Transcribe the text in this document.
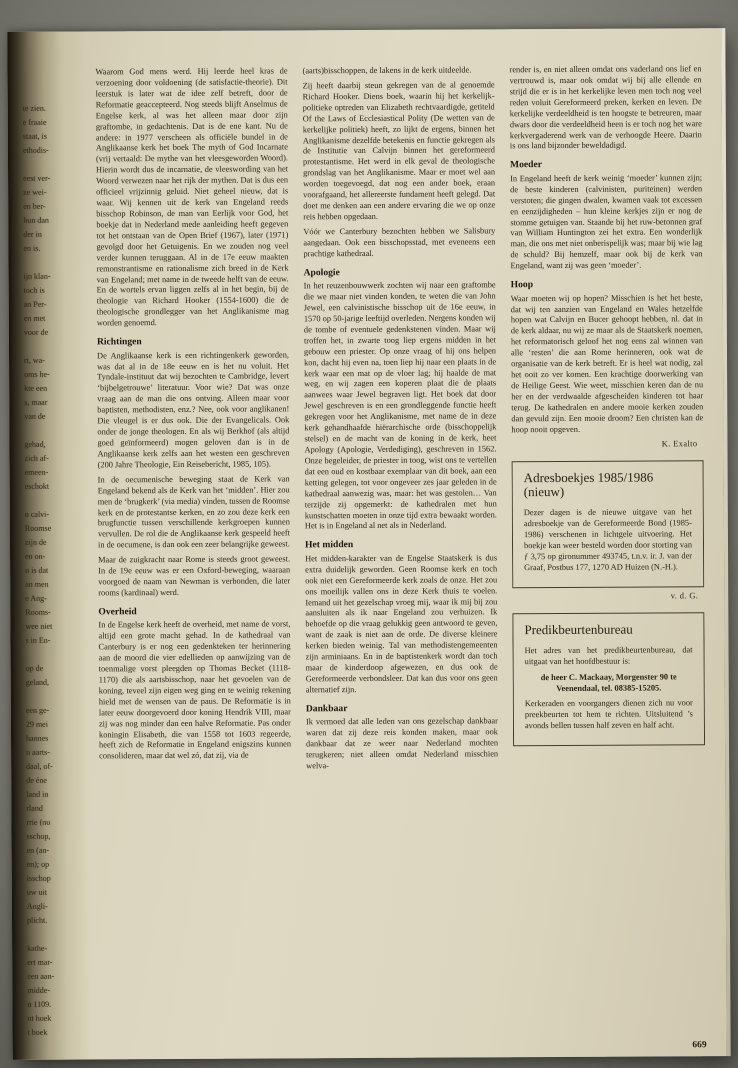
te zien.
e fraaie
staat, is
ethodis-
eest ver-
ze wei-
en ber-
hun dan
der in
en is.
ijn klan-
toch is
an Per-
en met
voor de
rt, wa-
oms he-
kte een
s, maar
van de
gehad,
zich af-
emeen-
eschokt
n calvi-
Roomse
zijn de
en on-
n is dat
an men
e Ang-
Rooms-
wee niet
s in En-
op de
geland,
een ge-
29 mei
hannes
n aarts-
daal, of-
de éne
land in
rland
rrie (nu
sschop,
en (an-
en); op
isschop
uw uit
Angli-
plicht.
kathe-
ert mar-
een aan-
midde-
n 1109.
nt hoek
t boek

Waarom God mens werd. Hij leerde heel kras de verzoening door voldoening (de satisfactie-theorie). Dit leerstuk is later wat de idee zelf betreft, door de Reformatie geaccepteerd. Nog steeds blijft Anselmus de Engelse kerk, al was het alleen maar door zijn graftombe, in gedachtenis. Dat is de ene kant. Nu de andere: in 1977 verscheen als officiële bundel in de Anglikaanse kerk het boek The myth of God Incarnate (vrij vertaald: De mythe van het vleesgeworden Woord). Hierin wordt dus de incarnatie, de vleeswording van het Woord verwezen naar het rijk der mythen. Dat is dus een officieel vrijzinnig geluid. Niet geheel nieuw, dat is waar. Wij kennen uit de kerk van Engeland reeds bisschop Robinson, de man van Eerlijk voor God, het boekje dat in Nederland mede aanleiding heeft gegeven tot het ontstaan van de Open Brief (1967), later (1971) gevolgd door het Getuigenis. En we zouden nog veel verder kunnen teruggaan. Al in de 17e eeuw maakten remonstrantisme en rationalisme zich breed in de Kerk van Engeland; met name in de tweede helft van de eeuw. En de wortels ervan liggen zelfs al in het begin, bij de theologie van Richard Hooker (1554-1600) die de theologische grondlegger van het Anglikanisme mag worden genoemd.

Richtingen

De Anglikaanse kerk is een richtingenkerk geworden, was dat al in de 18e eeuw en is het nu voluit. Het Tyndale-instituut dat wij bezochten te Cambridge, levert ‘bijbelgetrouwe’ literatuur. Voor wie? Dat was onze vraag aan de man die ons ontving. Alleen maar voor baptisten, methodisten, enz.? Nee, ook voor anglikanen! Die vleugel is er dus ook. Die der Evangelicals. Ook onder de jonge theologen. En als wij Berkhof (als altijd goed geïnformeerd) mogen geloven dan is in de Anglikaanse kerk zelfs aan het westen een geschreven (200 Jahre Theologie, Ein Reisebericht, 1985, 105).

In de oecumenische beweging staat de Kerk van Engeland bekend als de Kerk van het ‘midden’. Hier zou men de ‘brugkerk’ (via media) vinden, tussen de Roomse kerk en de protestantse kerken, en zo zou deze kerk een brugfunctie tussen verschillende kerkgroepen kunnen vervullen. De rol die de Anglikaanse kerk gespeeld heeft in de oecumene, is dan ook een zeer belangrijke geweest.

Maar de zuigkracht naar Rome is steeds groot geweest. In de 19e eeuw was er een Oxford-beweging, waaraan voorgoed de naam van Newman is verbonden, die later rooms (kardinaal) werd.

Overheid

In de Engelse kerk heeft de overheid, met name de vorst, altijd een grote macht gehad. In de kathedraal van Canterbury is er nog een gedenkteken ter herinnering aan de moord die vier edellieden op aanwijzing van de toenmalige vorst pleegden op Thomas Becket (1118-1170) die als aartsbisschop, naar het gevoelen van de koning, teveel zijn eigen weg ging en te weinig rekening hield met de wensen van de paus. De Reformatie is in later eeuw doorgevoerd door koning Hendrik VIII, maar zij was nog minder dan een halve Reformatie. Pas onder koningin Elisabeth, die van 1558 tot 1603 regeerde, heeft zich de Reformatie in Engeland enigszins kunnen consolideren, maar dat wel zó, dat zij, via de

(aarts)bisschoppen, de lakens in de kerk uitdeelde.

Zij heeft daarbij steun gekregen van de al genoemde Richard Hooker. Diens boek, waarin hij het kerkelijk-politieke optreden van Elizabeth rechtvaardigde, getiteld Of the Laws of Ecclesiastical Polity (De wetten van de kerkelijke politiek) heeft, zo lijkt de ergens, binnen het Anglikanisme dezelfde betekenis en functie gekregen als de Institutie van Calvijn binnen het gereformeerd protestantisme. Het werd in elk geval de theologische grondslag van het Anglikanisme. Maar er moet wel aan worden toegevoegd, dat nog een ander boek, eraan voorafgaand, het allereerste fundament heeft gelegd. Dat doet me denken aan een andere ervaring die we op onze reis hebben opgedaan.

Vóór we Canterbury bezochten hebben we Salisbury aangedaan. Ook een bisschopsstad, met eveneens een prachtige kathedraal.

Apologie

In het reuzenbouwwerk zochten wij naar een graftombe die we maar niet vinden konden, te weten die van John Jewel, een calvinistische bisschop uit de 16e eeuw, in 1570 op 50-jarige leeftijd overleden. Nergens konden wij de tombe of eventuele gedenkstenen vinden. Maar wij troffen het, in zwarte toog liep ergens midden in het gebouw een priester. Op onze vraag of hij ons helpen kon, dacht hij even na, toen liep hij naar een plaats in de kerk waar een mat op de vloer lag; hij haalde de mat weg, en wij zagen een koperen plaat die de plaats aanwees waar Jewel begraven ligt. Het boek dat door Jewel geschreven is en een grondleggende functie heeft gekregen voor het Anglikanisme, met name de in deze kerk gehandhaafde hiërarchische orde (bisschoppelijk stelsel) en de macht van de koning in de kerk, heet Apology (Apologie, Verdediging), geschreven in 1562. Onze begeleider, de priester in toog, wist ons te vertellen dat een oud en kostbaar exemplaar van dit boek, aan een ketting gelegen, tot voor ongeveer zes jaar geleden in de kathedraal aanwezig was, maar: het was gestolen… Van terzijde zij opgemerkt: de kathedralen met hun kunstschatten moeten in onze tijd extra bewaakt worden. Het is in Engeland al net als in Nederland.

Het midden

Het midden-karakter van de Engelse Staatskerk is dus extra duidelijk geworden. Geen Roomse kerk en toch ook niet een Gereformeerde kerk zoals de onze. Het zou ons moeilijk vallen ons in deze Kerk thuis te voelen. Iemand uit het gezelschap vroeg mij, waar ik mij bij zou aansluiten als ik naar Engeland zou verhuizen. Ik behoefde op die vraag gelukkig geen antwoord te geven, want de zaak is niet aan de orde. De diverse kleinere kerken bieden weinig. Tal van methodistengemeenten zijn arminiaans. En in de baptistenkerk wordt dan toch maar de kinderdoop afgewezen, en dus ook de Gereformeerde verbondsleer. Dat kan dus voor ons geen alternatief zijn.

Dankbaar

Ik vermoed dat alle leden van ons gezelschap dankbaar waren dat zij deze reis konden maken, maar ook dankbaar dat ze weer naar Nederland mochten terugkeren; niet alleen omdat Nederland misschien welva-

render is, en niet alleen omdat ons vaderland ons lief en vertrouwd is, maar ook omdat wij bij alle ellende en strijd die er is in het kerkelijke leven men toch nog veel reden voluit Gereformeerd preken, kerken en leven. De kerkelijke verdeeldheid is ten hoogste te betreuren, maar dwars door die verdeeldheid heen is er toch nog het ware kerkvergaderend werk van de verhoogde Heere. Daarin is ons land bijzonder beweldadigd.

Moeder

In Engeland heeft de kerk weinig ‘moeder’ kunnen zijn; de beste kinderen (calvinisten, puriteinen) werden verstoten; die gingen dwalen, kwamen vaak tot excessen en eenzijdigheden – hun kleine kerkjes zijn er nog de stomme getuigen van. Staande bij het ruw-betonnen graf van William Huntington zei het extra. Een wonderlijk man, die ons met niet onberispelijk was; maar bij wie lag de schuld? Bij hemzelf, maar ook bij de kerk van Engeland, want zij was geen ‘moeder’.

Hoop

Waar moeten wij op hopen? Misschien is het het beste, dat wij ten aanzien van Engeland en Wales hetzelfde hopen wat Calvijn en Bucer gehoopt hebben, nl. dat in de kerk aldaar, nu wij ze maar als de Staatskerk noemen, het reformatorisch geloof het nog eens zal winnen van alle ‘resten’ die aan Rome herinneren, ook wat de organisatie van de kerk betreft. Er is heel wat nodig, zal het ooit zo ver komen. Een krachtige doorwerking van de Heilige Geest. Wie weet, misschien keren dan de nu her en der verdwaalde afgescheiden kinderen tot haar terug. De kathedralen en andere mooie kerken zouden dan gevuld zijn. Een mooie droom? Een christen kan de hoop nooit opgeven.

K. Exalto

Adresboekjes 1985/1986 (nieuw)

Dezer dagen is de nieuwe uitgave van het adresboekje van de Gereformeerde Bond (1985-1986) verschenen in lichtgele uitvoering. Het boekje kan weer besteld worden door storting van ƒ 3,75 op gironummer 493745, t.n.v. ir. J. van der Graaf, Postbus 177, 1270 AD Huizen (N.-H.).

v. d. G.

Predikbeurtenbureau

Het adres van het predikbeurtenbureau, dat uitgaat van het hoofdbestuur is:

de heer C. Mackaay, Morgenster 90 te Veenendaal, tel. 08385-15205.

Kerkeraden en voorgangers dienen zich nu voor preekbeurten tot hem te richten. Uitsluitend ’s avonds bellen tussen half zeven en half acht.

669
